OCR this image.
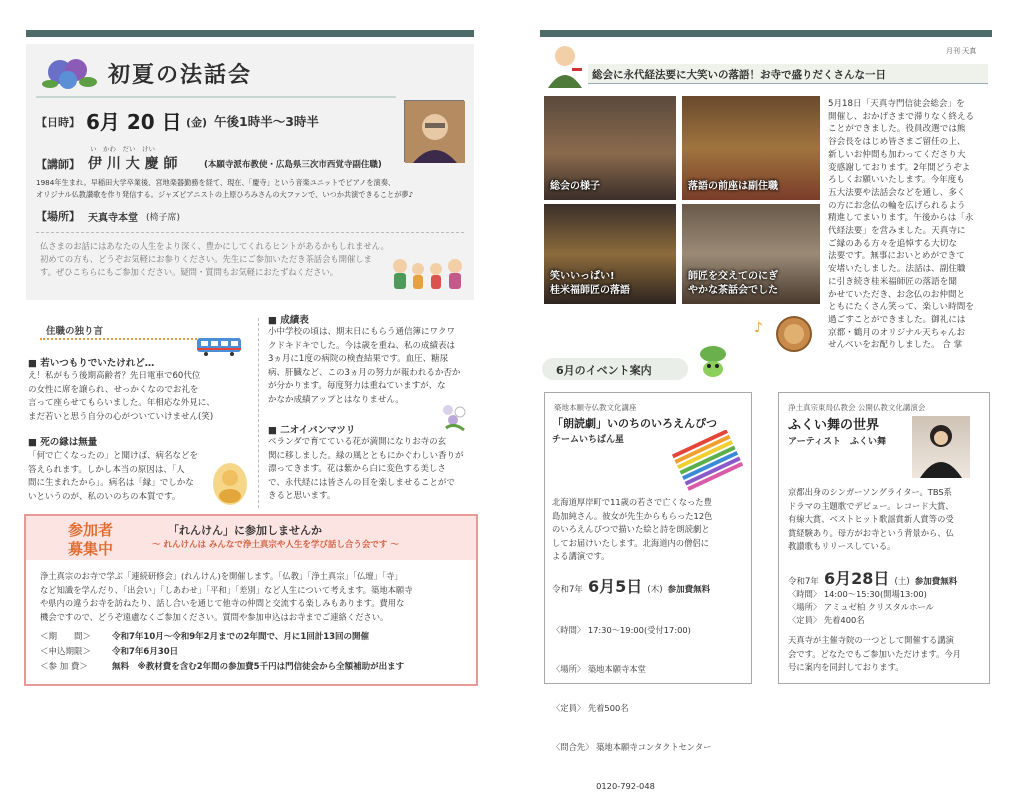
初夏の法話会
【日時】 6月 20 日 (金) 午後1時半〜3時半
【講師】
い　かわ　だい　けい
伊 川 大 慶 師	(本願寺派布教使・広島県三次市西覚寺副住職)
1984年生まれ。早稲田大学卒業後、宮地楽器勤務を経て、現在、「慶寺」という音楽ユニットでピアノを演奏、
オリジナル仏教讃歌を作り発信する。ジャズピアニストの上原ひろみさんの大ファンで、いつか共演できることが夢♪
【場所】 天真寺本堂 (椅子席)
仏さまのお話にはあなたの人生をより深く、豊かにしてくれるヒントがあるかもしれません。
初めての方も、どうぞお気軽にお参りください。先生にご参加いただき茶話会も開催しま
す。ぜひこちらにもご参加ください。疑問・質問もお気軽におたずねください。
住職の独り言
■ 若いつもりでいたけれど…
え！私がもう後期高齢者？先日電車で60代位
の女性に席を譲られ、せっかくなのでお礼を
言って座らせてもらいました。年相応な外見に、
まだ若いと思う自分の心がついていけません(笑)
■ 死の縁は無量
「何で亡くなったの」と聞けば、病名などを
答えられます。しかし本当の原因は、「人
間に生まれたから」。病名は「縁」でしかな
いというのが、私のいのちの本質です。
■ 成績表
小中学校の頃は、期末日にもらう通信簿にワクワ
クドキドキでした。今は歳を重ね、私の成績表は
3ヵ月に1度の病院の検査結果です。血圧、糖尿
病、肝臓など、この3ヵ月の努力が報われるか否か
が分かります。毎度努力は重ねていますが、な
かなか成績アップとはなりません。
■ 二オイバンマツリ
ベランダで育てている花が満開になりお寺の玄
関に移しました。緑の風とともにかぐわしい香りが
漂ってきます。花は紫から白に変色する美しさ
で、永代経には皆さんの目を楽しませることがで
きると思います。
参加者
募集中
「れんけん」に参加しませんか
〜 れんけんは みんなで浄土真宗や人生を学び話し合う会です 〜
浄土真宗のお寺で学ぶ「連続研修会」(れんけん)を開催します。「仏教」「浄土真宗」「仏壇」「寺」
など知識を学んだり、「出会い」「しあわせ」「平和」「差別」など人生について考えます。築地本願寺
や県内の違うお寺を訪ねたり、話し合いを通じて他寺の仲間と交流する楽しみもあります。費用な
機会ですので、どうぞ遠慮なくご参加ください。質問や参加申込はお寺までご連絡ください。
＜期　　間＞ 令和7年10月〜令和9年2月までの2年間で、月に1回計13回の開催
＜申込期限＞ 令和7年6月30日
＜参 加 費＞	無料　※教材費を含む2年間の参加費5千円は門信徒会から全額補助が出ます
月刊 天真
総会に永代経法要に大笑いの落語！お寺で盛りだくさんな一日
総会の様子	落語の前座は副住職
笑いいっぱい!
桂米福師匠の落語
師匠を交えてのにぎ
やかな茶話会でした
5月18日「天真寺門信徒会総会」を
開催し、おかげさまで滞りなく終える
ことができました。役員改選では熊
谷会長をはじめ皆さまご留任の上、
新しいお仲間も加わってくださり大
変感謝しております。2年間どうぞよ
ろしくお願いいたします。今年度も
五大法要や法話会などを通し、多く
の方にお念仏の輪を広げられるよう
精進してまいります。午後からは「永
代経法要」を営みました。天真寺に
ご縁のある方々を追悼する大切な
法要です。無事においとめができて
安堵いたしました。法話は、副住職
に引き続き桂米福師匠の落語を聞
かせていただき、お念仏のお仲間と
ともにたくさん笑って、楽しい時間を
過ごすことができました。御礼には
京都・鶴月のオリジナル天ちゃんお
せんべいをお配りしました。 合 掌
♪
6月のイベント案内
築地本願寺仏教文化講座
「朗読劇」いのちのいろえんぴつ
チームいちばん星
北海道厚岸町で11歳の若さで亡くなった豊
島加純さん。彼女が先生からもらった12色
のいろえんぴつで描いた絵と詩を朗読劇と
してお届けいたします。北海道内の僧侶に
よる講演です。
令和7年 6月5日 (木) 参加費無料

〈時間〉 17:30〜19:00(受付17:00)

〈場所〉 築地本願寺本堂

〈定員〉 先着500名

〈問合先〉 築地本願寺コンタクトセンター

　　　　　 0120-792-048

浄土真宗東局仏教会 公開仏教文化講演会
ふくい舞の世界
アーティスト　ふくい舞
京都出身のシンガーソングライター。TBS系
ドラマの主題歌でデビュー。レコード大賞、
有線大賞、ベストヒット歌謡賞新人賞等の受
賞経験あり。母方がお寺という背景から、仏
教讃歌もリリースしている。
令和7年 6月28日 (土) 参加費無料
〈時間〉 14:00〜15:30(開場13:00)
〈場所〉 アミュゼ柏 クリスタルホール
〈定員〉 先着400名
天真寺が主催寺院の一つとして開催する講演
会です。どなたでもご参加いただけます。今月
号に案内を同封しております。
